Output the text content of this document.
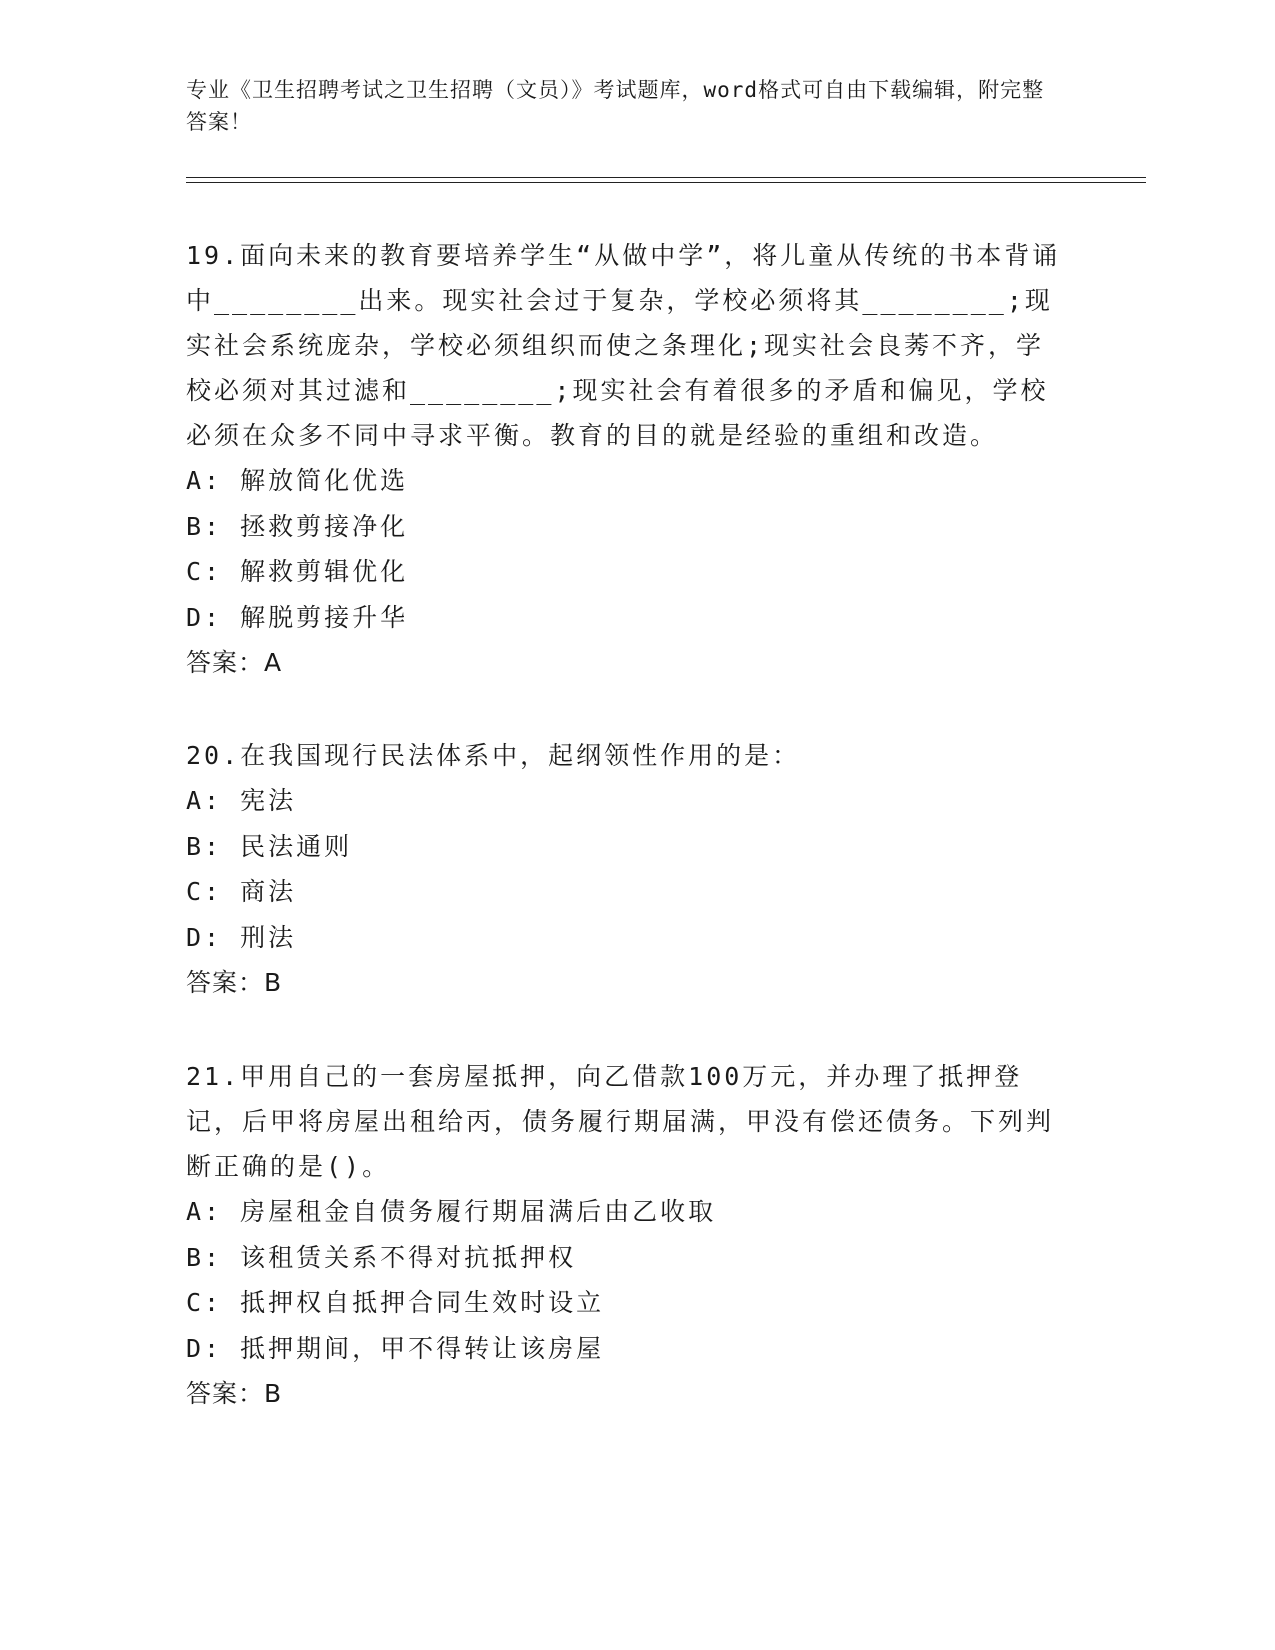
专业《卫生招聘考试之卫生招聘（文员）》考试题库，word格式可自由下载编辑，附完整答案！

19.面向未来的教育要培养学生“从做中学”，将儿童从传统的书本背诵中________出来。现实社会过于复杂，学校必须将其________;现实社会系统庞杂，学校必须组织而使之条理化;现实社会良莠不齐，学校必须对其过滤和________;现实社会有着很多的矛盾和偏见，学校必须在众多不同中寻求平衡。教育的目的就是经验的重组和改造。

A: 解放简化优选

B: 拯救剪接净化

C: 解救剪辑优化

D: 解脱剪接升华

答案：A

20.在我国现行民法体系中，起纲领性作用的是：

A: 宪法

B: 民法通则

C: 商法

D: 刑法

答案：B

21.甲用自己的一套房屋抵押，向乙借款100万元，并办理了抵押登记，后甲将房屋出租给丙，债务履行期届满，甲没有偿还债务。下列判断正确的是()。

A: 房屋租金自债务履行期届满后由乙收取

B: 该租赁关系不得对抗抵押权

C: 抵押权自抵押合同生效时设立

D: 抵押期间，甲不得转让该房屋

答案：B
